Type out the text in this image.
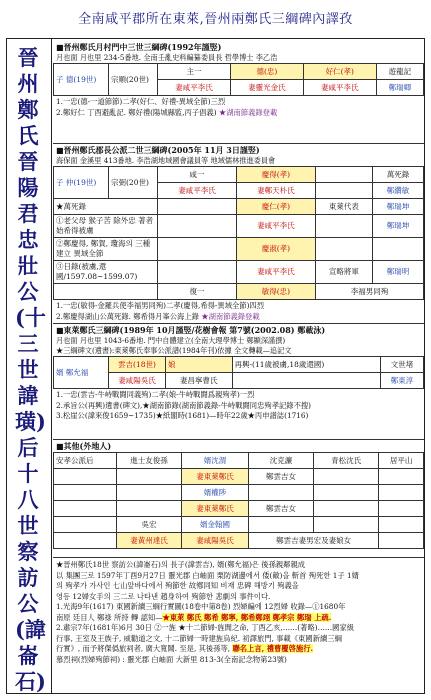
全南咸平郡所在東萊,晉州兩鄭氏三綱碑內譯孜
晉州鄭氏晉陽君忠壯公(十三世諱璜)后十八世察訪公(諱崙石)
■晉州鄭氏月村門中三世三綱碑(1992年謹竪)
月也面 月也里 234-5番地. 全南壬亂史料編纂委員長 哲學博士 李乙浩
子 德(19世)	宗順(20世)	主一	德(忠)	好仁(孝)	遊龍記
		妻咸平李氏	妻靈光金氏	妻咸平李氏	鄭瑞卿
1.一忠(德-一道節節)二孝(好仁、好禮-異域全節)三烈
2.鄭好仁 丁酉避亂記. 鄭好禮(陽城縣監,丙子倡義) ★湖南節義錄登載
■晉州鄭氏郡長公派二世三綱碑(2005年 11月 3日謹竪)
海保面 金溪里 413番地. 李浩湖地域國會議員等 地域儒林推進委員會
子 仲(19世)	宗弼(20世)	咸一	慶得(孝)		萬死錄
		妻咸平李氏	妻鄭天朴氏		鄭纘敏
★萬死錄			慶仁(孝)	東萊代表	鄭瑞坤
①老父母 猴子苦 除外忠 著者始希得被虜			妻咸平李氏		鄭瑞坤
②鄭慶得, 鄭賀, 瓊海의 三種建立 異域全節			慶淑(孝)		
③日錄(被虜,還國/1597.08~1599.07)			妻咸平李氏	宣略將軍	鄭瑞明
		復一	敏得(忠)	李福男同殉	
1.一忠(敏得-金羅兵使李福男同殉)二孝(慶得,希得-異域全節)四烈
2.鄭慶得湖山公萬死錄. 鄭希得月峯公海上錄 ★湖南節義錄登載
■東萊鄭氏三綱碑(1989年 10月謹竪/花樹會報 第7號(2002.08) 鄭載泳)
月也面 月也里 1043-6番地. 門中自體建立(全南大理學博士 鄭顯深謹撰)
★三綱碑文(遺書):東萊鄭氏奉事公派譜(1984年刊)依據 全文轉載—追記文
婿 鄭允福	雲吉(18世)	娘	再興-(11歲被虜,18歲還國)	文世堵
	妻咸陽吳氏	妻昌寧曹氏		鄭東淳
1.一忠(雲吉-牛峙戰闘同義殉)二孝(娘-牛峙戰闘爲親殉孝)一烈
2.承旨公(再興)遺書(碑文),★湖南節錄(湖南節義錄-牛峙戰闘同忠殉孝記錄不搜)
3.松崖公(諱來俊1659~1735)★紙閣時(1681)—時年22歲★丙申譜誌(1716)
■其他(外地人)
安孝公派后	進士友俊孫	婿沈渭	沈克濂	青松沈氏	居平山
		妻東萊鄭氏	鄭雲吉女		
		婿權陟			
		妻東萊鄭氏	鄭雲吉女		
	吳宏	婿金翰國			
	妻黃州達氏	妻咸陽吳氏	鄭雲吉妻男宏及妻娘女		
★晉州鄭氏18世 察訪公(諱崙石)의 長子(諱雲吉), 婿(鄭允福)은 後孫親鄰親成
以 集團三로 1597年丁酉9月27日 靈光郡 白岫面 栗防湖邊에서 倭(敵)을 斬首 殉死한 1子 1婿
의 殉孝가 가사인 七山앞바다에서 殉節한 故鄕同知 비재 忠碑 해방기 殉義을
영등 12婦女手의 三二로 나타낸 趙身하여 殉節한 悲劇의 事件이다.
1.光海9年(1617) 東國新續三綱行實圖(18卷中第8卷) 烈婦編에 12烈婦 收錄—①1680年
南原 廷目人 鄭祿 所持 轉 認知—★東萊 鄭氏 鄭希 鄭寧, 鄭希鄭翊 鄭孝宗 鄭瑞 上疏.
2.肅宗7年(1681年)6月 30日 ②一旌 ★十二節婦-旌閭之命, 丁酉乙亥,……(著略)……國家級
行事, 王室及王族子, 威勸道之文, 十二節婦一時建旌烏紀. 初譯旅門, 事載《東國新續三綱
行實》, 而予將傑僞旅祠者, 廣大寬鬧. 至是, 其後孫等, 聯名上言, 禮曹覆啓施行.
慕烈祠(烈婦殉節祠) : 靈光郡 白岫面 大新里 813-3(全南記念物第23號)
